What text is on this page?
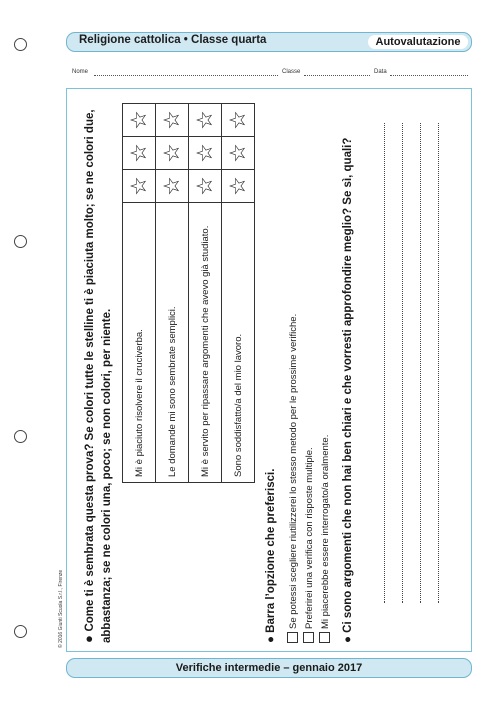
Religione cattolica • Classe quarta	Autovalutazione
Nome	Classe	Data
● Come ti è sembrata questa prova? Se colori tutte le stelline ti è piaciuta molto; se ne colori due, abbastanza; se ne colori una, poco; se non colori, per niente.	Mi è piaciuto risolvere il cruciverba.	☆	☆	☆
Le domande mi sono sembrate semplici.	☆	☆	☆
Mi è servito per ripassare argomenti che avevo già studiato.	☆	☆	☆
Sono soddisfatto/a del mio lavoro.	☆	☆	☆
● Barra l’opzione che preferisci. Se potessi scegliere riutilizzerei lo stesso metodo per le prossime verifiche. Preferirei una verifica con risposte multiple. Mi piacerebbe essere interrogato/a oralmente.
● Ci sono argomenti che non hai ben chiari e che vorresti approfondire meglio? Se sì, quali?
© 2016 Giunti Scuola S.r.l., Firenze
Verifiche intermedie – gennaio 2017
